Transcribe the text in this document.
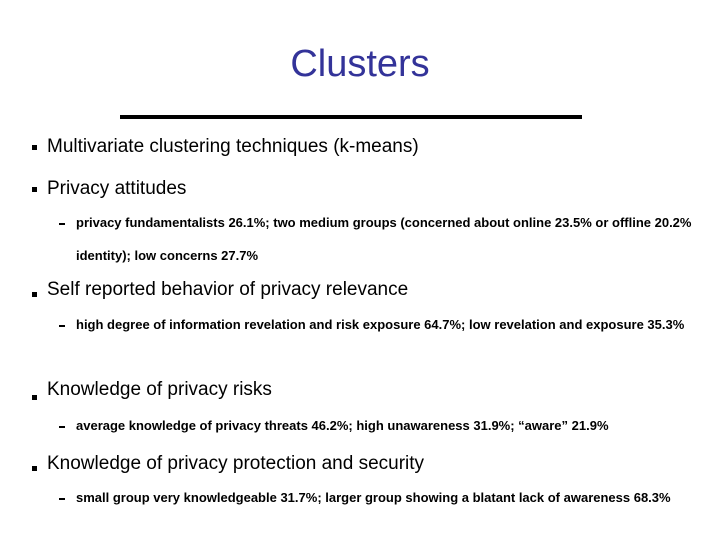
Clusters
Multivariate clustering techniques (k-means)
Privacy attitudes
privacy fundamentalists 26.1%; two medium groups (concerned about online 23.5% or offline 20.2% identity); low concerns 27.7%
Self reported behavior of privacy relevance
high degree of information revelation and risk exposure 64.7%; low revelation and exposure 35.3%
Knowledge of privacy risks
average knowledge of privacy threats 46.2%; high unawareness 31.9%; “aware” 21.9%
Knowledge of privacy protection and security
small group very knowledgeable 31.7%; larger group showing a blatant lack of awareness 68.3%
